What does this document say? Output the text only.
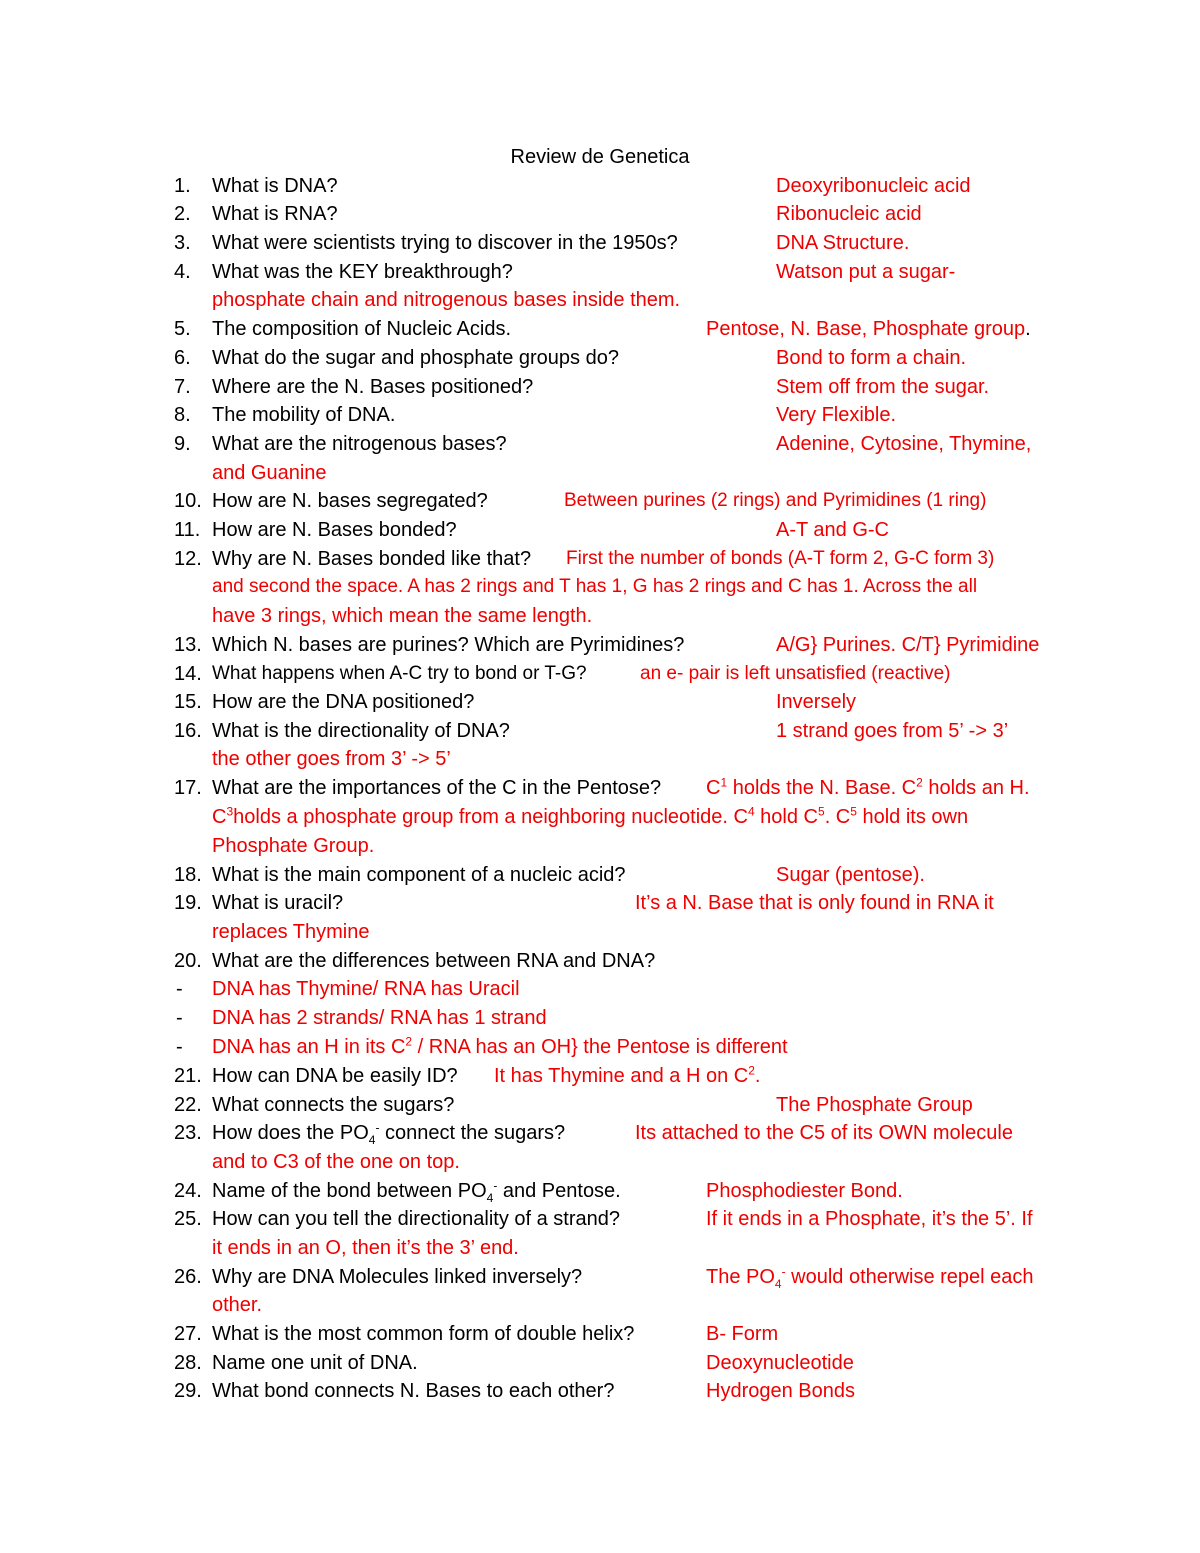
Review de Genetica
1. What is DNA?	Deoxyribonucleic acid
2. What is RNA?	Ribonucleic acid
3. What were scientists trying to discover in the 1950s?	DNA Structure.
4. What was the KEY breakthrough?	Watson put a sugar-
phosphate chain and nitrogenous bases inside them.
5. The composition of Nucleic Acids.	Pentose, N. Base, Phosphate group.
6. What do the sugar and phosphate groups do?	Bond to form a chain.
7. Where are the N. Bases positioned?	Stem off from the sugar.
8. The mobility of DNA.	Very Flexible.
9. What are the nitrogenous bases?	Adenine, Cytosine, Thymine,
and Guanine
10. How are N. bases segregated?	Between purines (2 rings) and Pyrimidines (1 ring)
11. How are N. Bases bonded?	A-T and G-C
12. Why are N. Bases bonded like that? First the number of bonds (A-T form 2, G-C form 3)
and second the space. A has 2 rings and T has 1, G has 2 rings and C has 1. Across the all
have 3 rings, which mean the same length.
13. Which N. bases are purines? Which are Pyrimidines?	A/G} Purines. C/T} Pyrimidine
14. What happens when A-C try to bond or T-G?	an e- pair is left unsatisfied (reactive)
15. How are the DNA positioned?	Inversely
16. What is the directionality of DNA?	1 strand goes from 5’ -> 3’
the other goes from 3’ -> 5’
17. What are the importances of the C in the Pentose? $C^1$ holds the N. Base. $C^2$ holds an H.
$C^3holds$ a phosphate group from a neighboring nucleotide. $C^4$ hold $C^5$. $C^5$ hold its own
Phosphate Group.
18. What is the main component of a nucleic acid?	Sugar (pentose).
19. What is uracil?	It’s a N. Base that is only found in RNA it
replaces Thymine
20. What are the differences between RNA and DNA?
- DNA has Thymine/ RNA has Uracil
- DNA has 2 strands/ RNA has 1 strand
- DNA has an H in its $C^2$ / RNA has an OH} the Pentose is different
21. How can DNA be easily ID? It has Thymine and a H on $C^2$.
22. What connects the sugars?	The Phosphate Group
23. How does the $PO_4^-$ connect the sugars?	Its attached to the C5 of its OWN molecule
and to C3 of the one on top.
24. Name of the bond between $PO_4^-$ and Pentose.	Phosphodiester Bond.
25. How can you tell the directionality of a strand?	If it ends in a Phosphate, it’s the 5’. If
it ends in an O, then it’s the 3’ end.
26. Why are DNA Molecules linked inversely?	The $PO_4^-$ would otherwise repel each
other.
27. What is the most common form of double helix?	B- Form
28. Name one unit of DNA.	Deoxynucleotide
29. What bond connects N. Bases to each other?	Hydrogen Bonds
